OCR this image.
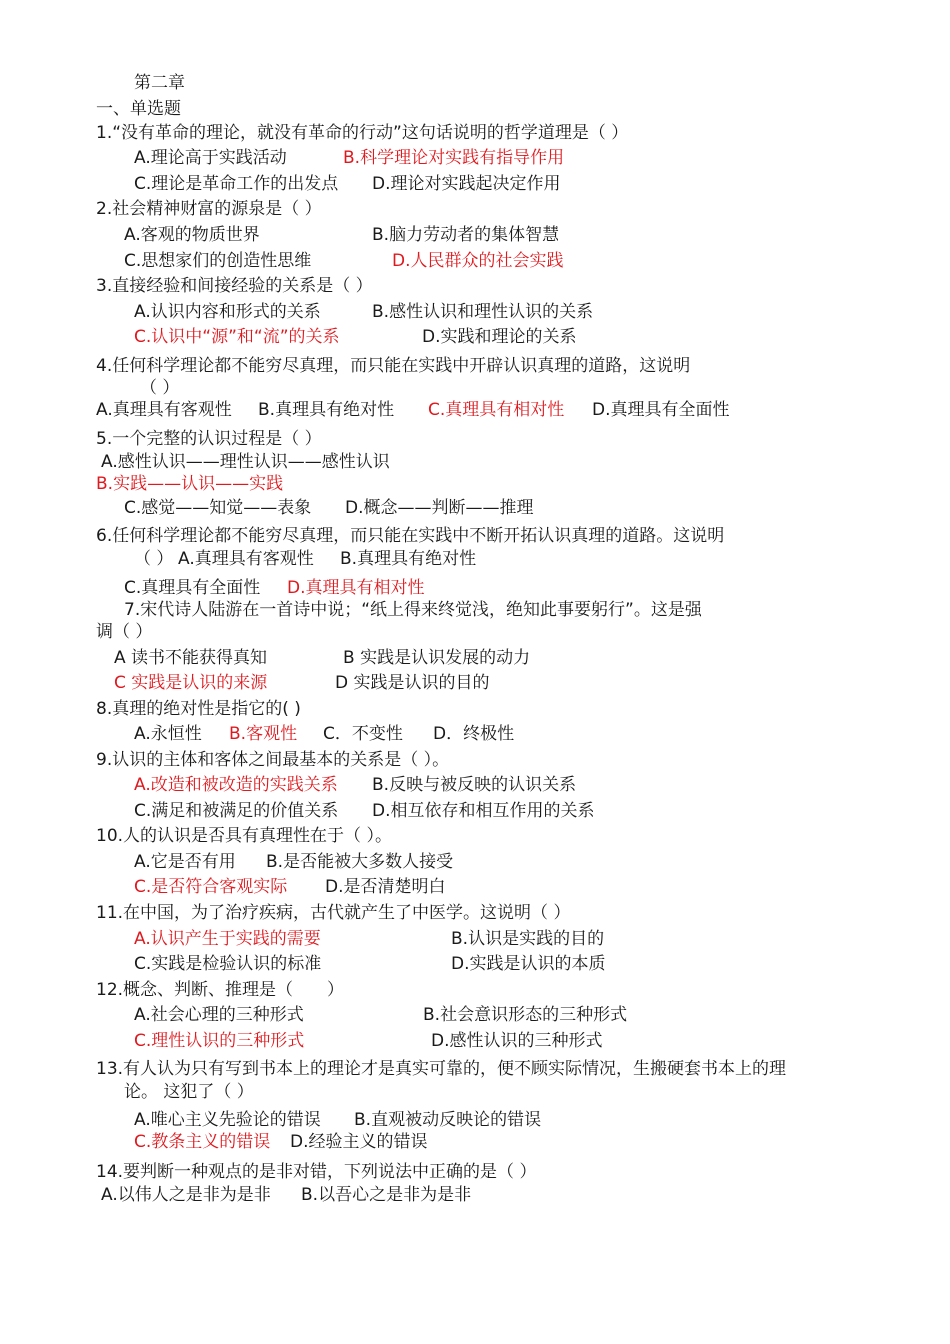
第二章
一、单选题
1.“没有革命的理论，就没有革命的行动”这句话说明的哲学道理是（ ）
A.理论高于实践活动	B.科学理论对实践有指导作用
C.理论是革命工作的出发点 D.理论对实践起决定作用
2.社会精神财富的源泉是（ ）
A.客观的物质世界	B.脑力劳动者的集体智慧
C.思想家们的创造性思维	D.人民群众的社会实践
3.直接经验和间接经验的关系是（ ）
A.认识内容和形式的关系	B.感性认识和理性认识的关系
C.认识中“源”和“流”的关系	D.实践和理论的关系
4.任何科学理论都不能穷尽真理，而只能在实践中开辟认识真理的道路，这说明
（ ）
A.真理具有客观性 B.真理具有绝对性 C.真理具有相对性 D.真理具有全面性
5.一个完整的认识过程是（ ）
A.感性认识——理性认识——感性认识
B.实践——认识——实践
C.感觉——知觉——表象 D.概念——判断——推理
6.任何科学理论都不能穷尽真理，而只能在实践中不断开拓认识真理的道路。这说明
（ ） A.真理具有客观性 B.真理具有绝对性
C.真理具有全面性 D.真理具有相对性
7.宋代诗人陆游在一首诗中说；“纸上得来终觉浅，绝知此事要躬行”。这是强
调（ ）
A 读书不能获得真知	B 实践是认识发展的动力
C 实践是认识的来源	D 实践是认识的目的
8.真理的绝对性是指它的( )
A.永恒性 B.客观性 C．不变性 D．终极性
9.认识的主体和客体之间最基本的关系是（ ）。
A.改造和被改造的实践关系 B.反映与被反映的认识关系
C.满足和被满足的价值关系 D.相互依存和相互作用的关系
10.人的认识是否具有真理性在于（ ）。
A.它是否有用 B.是否能被大多数人接受
C.是否符合客观实际 D.是否清楚明白
11.在中国，为了治疗疾病，古代就产生了中医学。这说明（ ）
A.认识产生于实践的需要	B.认识是实践的目的
C.实践是检验认识的标准	D.实践是认识的本质
12.概念、判断、推理是（　　）
A.社会心理的三种形式	B.社会意识形态的三种形式
C.理性认识的三种形式	D.感性认识的三种形式
13.有人认为只有写到书本上的理论才是真实可靠的，便不顾实际情况，生搬硬套书本上的理
论。 这犯了（ ）
A.唯心主义先验论的错误 B.直观被动反映论的错误
C.教条主义的错误 D.经验主义的错误
14.要判断一种观点的是非对错，下列说法中正确的是（ ）
A.以伟人之是非为是非 B.以吾心之是非为是非
